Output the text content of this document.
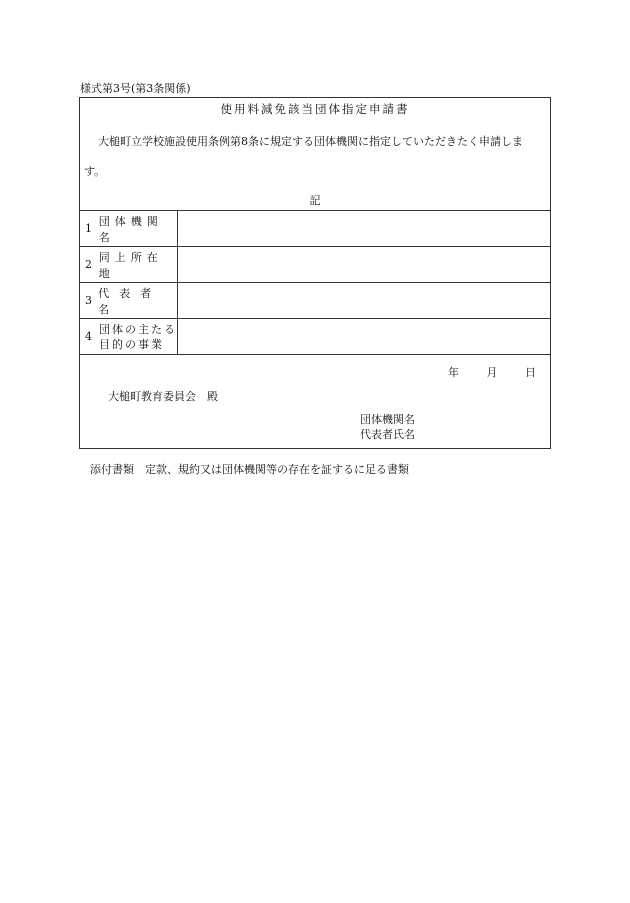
様式第3号(第3条関係)
使用料減免該当団体指定申請書
大槌町立学校施設使用条例第8条に規定する団体機関に指定していただきたく申請します。
記
1
団体機関名	

2
同上所在地	

3
代表者名	

4
団体の主たる
目的の事業	

年 月 日
大槌町教育委員会　殿
団体機関名
代表者氏名
添付書類　定款、規約又は団体機関等の存在を証するに足る書類
